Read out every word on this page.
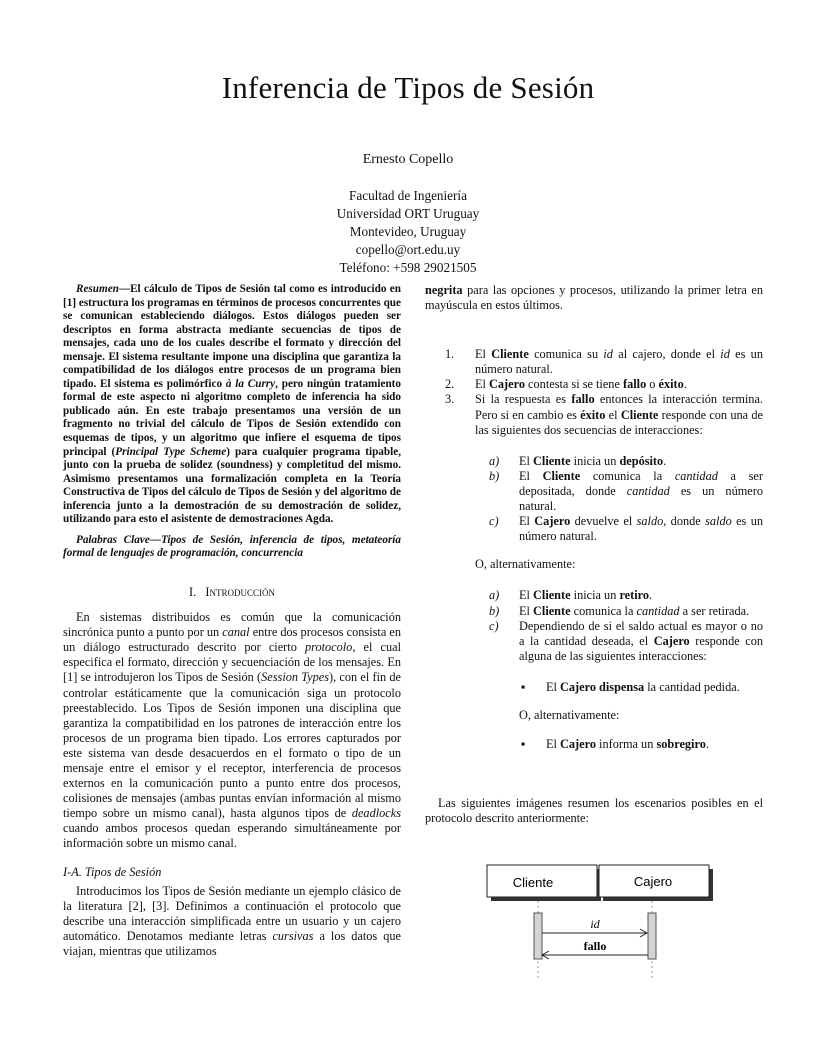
Inferencia de Tipos de Sesión
Ernesto Copello
Facultad de Ingeniería
Universidad ORT Uruguay
Montevideo, Uruguay
copello@ort.edu.uy
Teléfono: +598 29021505
Resumen—El cálculo de Tipos de Sesión tal como es introducido en [1] estructura los programas en términos de procesos concurrentes que se comunican estableciendo diálogos. Estos diálogos pueden ser descriptos en forma abstracta mediante secuencias de tipos de mensajes, cada uno de los cuales describe el formato y dirección del mensaje. El sistema resultante impone una disciplina que garantiza la compatibilidad de los diálogos entre procesos de un programa bien tipado. El sistema es polimórfico à la Curry, pero ningún tratamiento formal de este aspecto ni algoritmo completo de inferencia ha sido publicado aún. En este trabajo presentamos una versión de un fragmento no trivial del cálculo de Tipos de Sesión extendido con esquemas de tipos, y un algoritmo que infiere el esquema de tipos principal (Principal Type Scheme) para cualquier programa tipable, junto con la prueba de solidez (soundness) y completitud del mismo. Asimismo presentamos una formalización completa en la Teoría Constructiva de Tipos del cálculo de Tipos de Sesión y del algoritmo de inferencia junto a la demostración de su demostración de solidez, utilizando para esto el asistente de demostraciones Agda.
Palabras Clave—Tipos de Sesión, inferencia de tipos, metateoría formal de lenguajes de programación, concurrencia
I. Introducción
En sistemas distribuidos es común que la comunicación sincrónica punto a punto por un canal entre dos procesos consista en un diálogo estructurado descrito por cierto protocolo, el cual especifica el formato, dirección y secuenciación de los mensajes. En [1] se introdujeron los Tipos de Sesión (Session Types), con el fin de controlar estáticamente que la comunicación siga un protocolo preestablecido. Los Tipos de Sesión imponen una disciplina que garantiza la compatibilidad en los patrones de interacción entre los procesos de un programa bien tipado. Los errores capturados por este sistema van desde desacuerdos en el formato o tipo de un mensaje entre el emisor y el receptor, interferencia de procesos externos en la comunicación punto a punto entre dos procesos, colisiones de mensajes (ambas puntas envían información al mismo tiempo sobre un mismo canal), hasta algunos tipos de deadlocks cuando ambos procesos quedan esperando simultáneamente por información sobre un mismo canal.
I-A. Tipos de Sesión
Introducimos los Tipos de Sesión mediante un ejemplo clásico de la literatura [2], [3]. Definimos a continuación el protocolo que describe una interacción simplificada entre un usuario y un cajero automático. Denotamos mediante letras cursivas a los datos que viajan, mientras que utilizamos
negrita para las opciones y procesos, utilizando la primer letra en mayúscula en estos últimos.
1. El Cliente comunica su id al cajero, donde el id es un número natural.
2. El Cajero contesta si se tiene fallo o éxito.
3. Si la respuesta es fallo entonces la interacción termina. Pero si en cambio es éxito el Cliente responde con una de las siguientes dos secuencias de interacciones:
a) El Cliente inicia un depósito.
b) El Cliente comunica la cantidad a ser depositada, donde cantidad es un número natural.
c) El Cajero devuelve el saldo, donde saldo es un número natural.
O, alternativamente:
a) El Cliente inicia un retiro.
b) El Cliente comunica la cantidad a ser retirada.
c) Dependiendo de si el saldo actual es mayor o no a la cantidad deseada, el Cajero responde con alguna de las siguientes interacciones:
▪ El Cajero dispensa la cantidad pedida.
O, alternativamente:
▪ El Cajero informa un sobregiro.
Las siguientes imágenes resumen los escenarios posibles en el protocolo descrito anteriormente:
Cliente	Cajero
id
fallo
